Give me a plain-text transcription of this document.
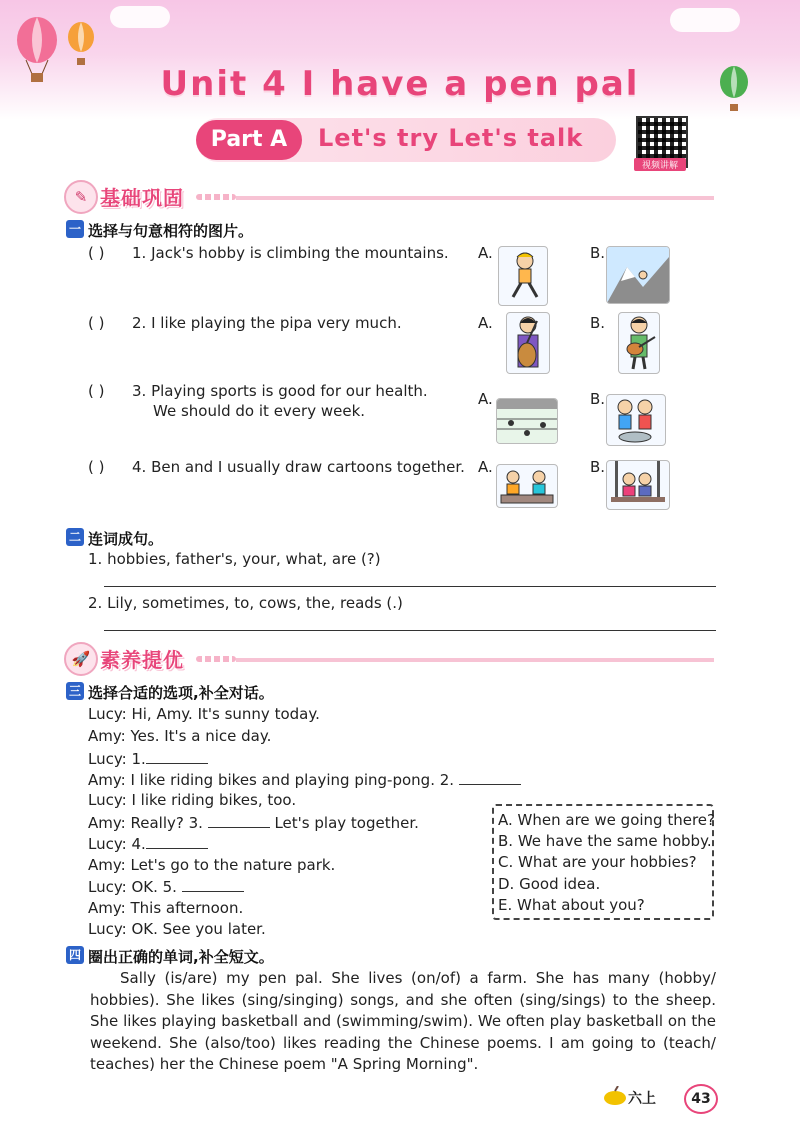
Unit 4 I have a pen pal
Part A	Let's try Let's talk
视频讲解
✎ 基础巩固
一 选择与句意相符的图片。
( ) 1. Jack's hobby is climbing the mountains. A.	B.
( ) 2. I like playing the pipa very much.	A.	B.
( ) 3. Playing sports is good for our health.
We should do it every week.
A.	B.
( ) 4. Ben and I usually draw cartoons together. A.	B.
二 连词成句。
1. hobbies, father's, your, what, are (?)
2. Lily, sometimes, to, cows, the, reads (.)
🚀 素养提优
三 选择合适的选项,补全对话。
Lucy: Hi, Amy. It's sunny today.
Amy: Yes. It's a nice day.
Lucy: 1.
Amy: I like riding bikes and playing ping-pong. 2.
Lucy: I like riding bikes, too.
Amy: Really? 3.	Let's play together.
Lucy: 4.
Amy: Let's go to the nature park.
Lucy: OK. 5.
Amy: This afternoon.
Lucy: OK. See you later.
A. When are we going there?
B. We have the same hobby.
C. What are your hobbies?
D. Good idea.
E. What about you?
四 圈出正确的单词,补全短文。
Sally (is/are) my pen pal. She lives (on/of) a farm. She has many (hobby/ hobbies). She likes (sing/singing) songs, and she often (sing/sings) to the sheep. She likes playing basketball and (swimming/swim). We often play basketball on the weekend. She (also/too) likes reading the Chinese poems. I am going to (teach/ teaches) her the Chinese poem "A Spring Morning".
六上	43
